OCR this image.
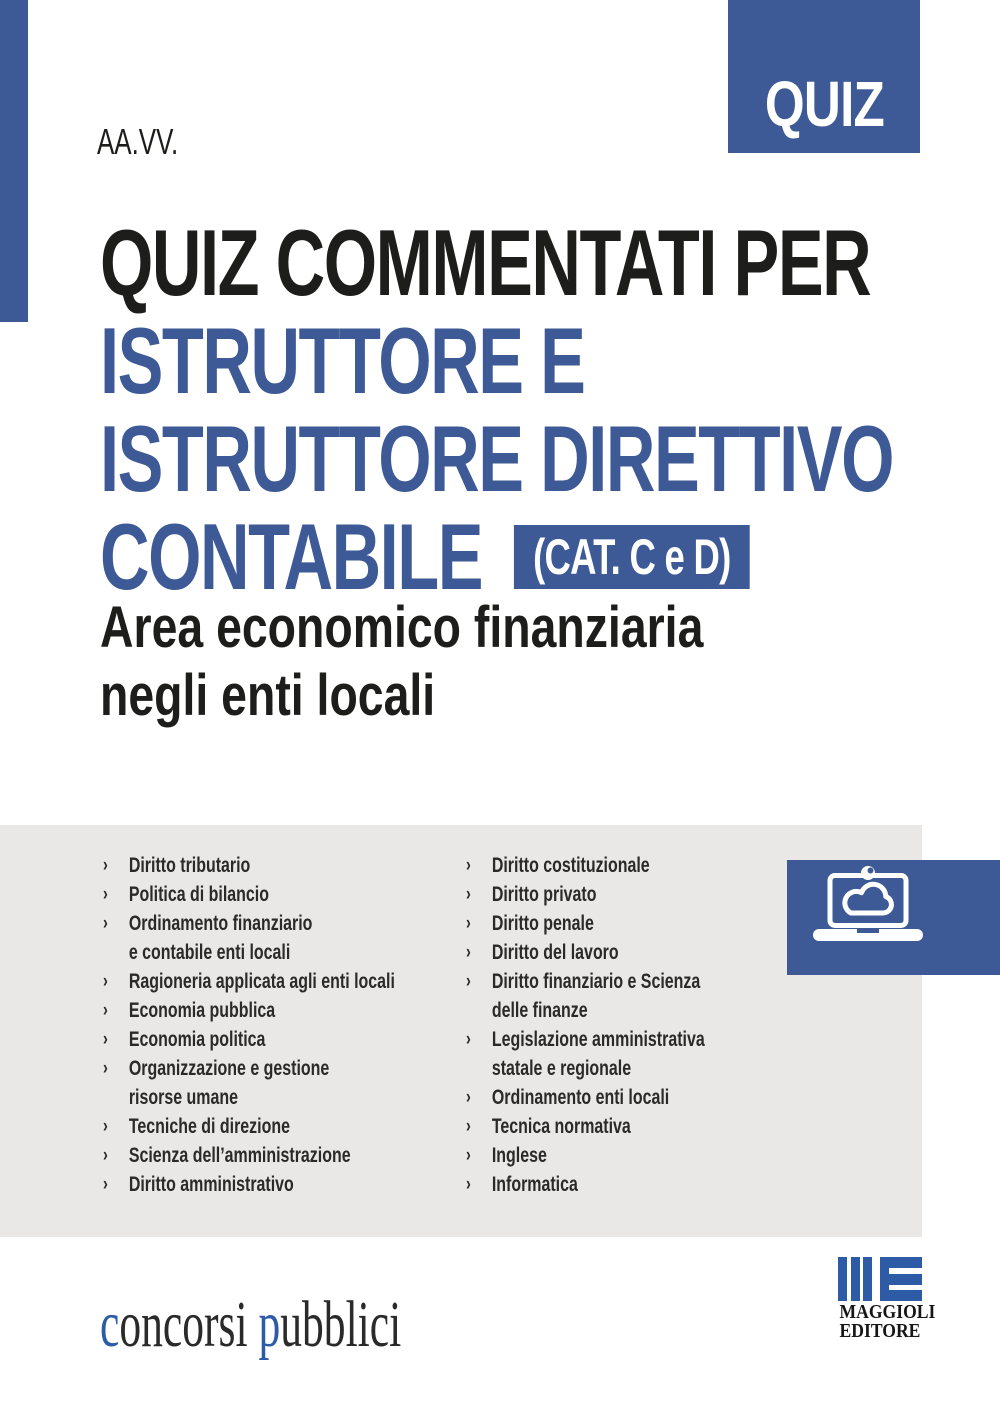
QUIZ
AA.VV.
QUIZ COMMENTATI PER
ISTRUTTORE E
ISTRUTTORE DIRETTIVO
CONTABILE	(CAT. C e D)
Area economico finanziaria
negli enti locali
›	Diritto tributario
›	Politica di bilancio
›	Ordinamento finanziario
e contabile enti locali
›	Ragioneria applicata agli enti locali
›	Economia pubblica
›	Economia politica
›	Organizzazione e gestione
risorse umane
›	Tecniche di direzione
›	Scienza dell’amministrazione
›	Diritto amministrativo
›	Diritto costituzionale
›	Diritto privato
›	Diritto penale
›	Diritto del lavoro
›	Diritto finanziario e Scienza
delle finanze
›	Legislazione amministrativa
statale e regionale
›	Ordinamento enti locali
›	Tecnica normativa
›	Inglese
›	Informatica
concorsi pubblici	MAGGIOLI
EDITORE
